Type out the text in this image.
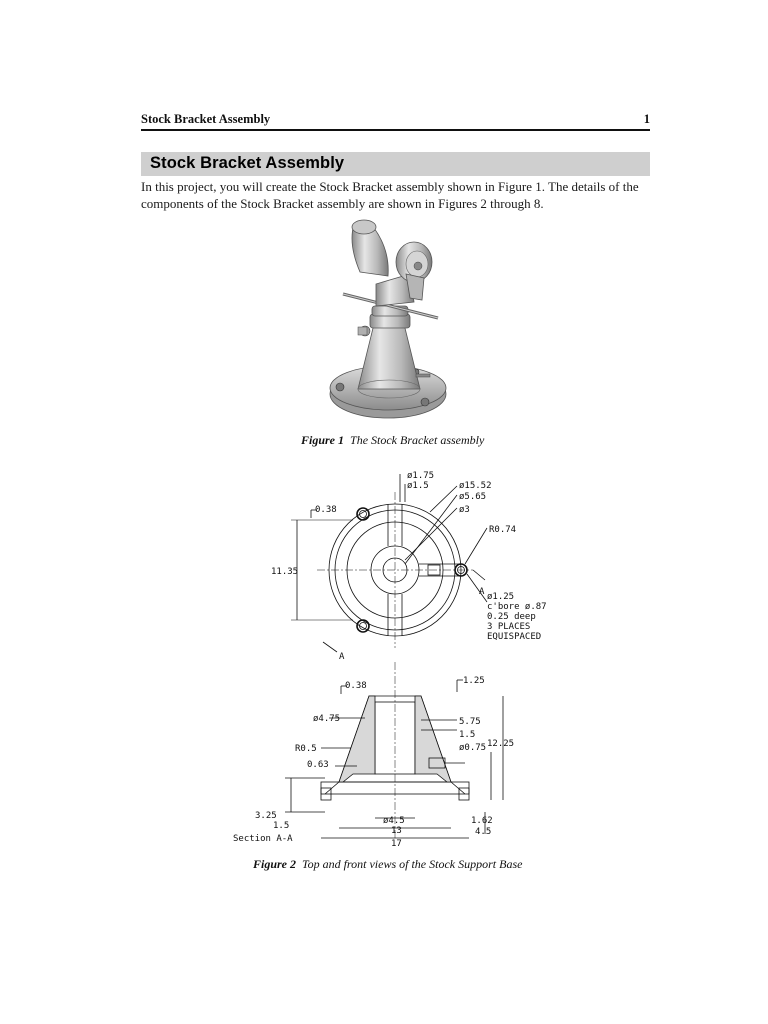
Stock Bracket Assembly	1
Stock Bracket Assembly

In this project, you will create the Stock Bracket assembly shown in Figure 1. The details of the components of the Stock Bracket assembly are shown in Figures 2 through 8.

Figure 1 The Stock Bracket assembly
ø1.75
ø1.5	ø15.52
ø5.65
ø3
R0.74
0.38
11.35
A
A
ø1.25
c'bore ø.87
0.25 deep
3 PLACES
EQUISPACED
0.38	1.25
ø4.75	5.75
1.5
ø0.75 12.25
R0.5
0.63
3.25
1.5
Section A-A
ø4.5
13
17
1.62
4.5
Figure 2 Top and front views of the Stock Support Base
